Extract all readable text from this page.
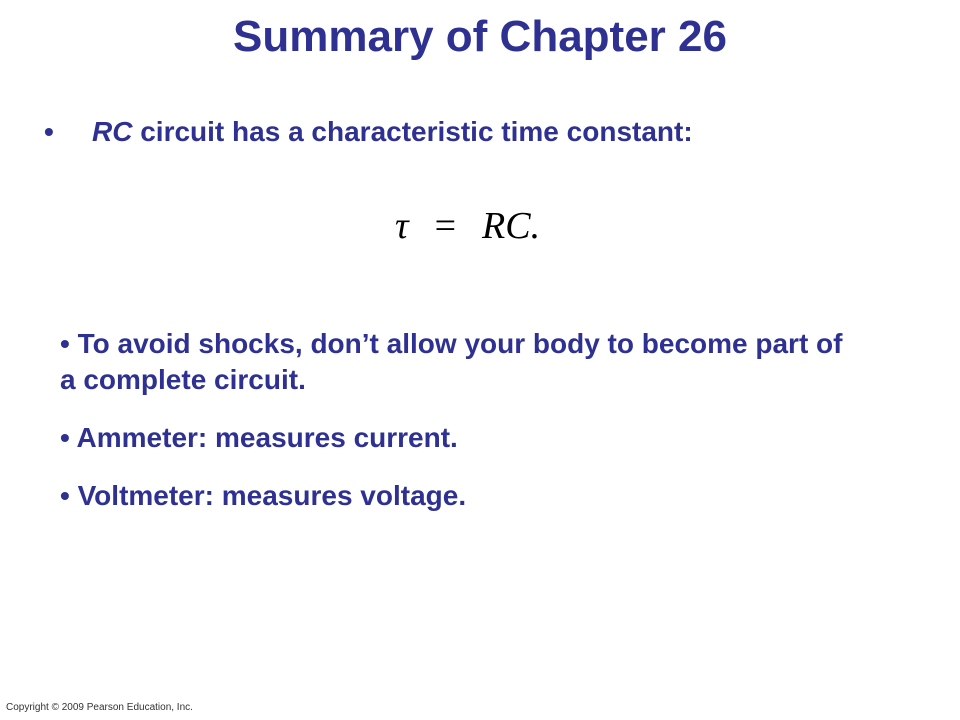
Summary of Chapter 26
• RC circuit has a characteristic time constant:
τ = RC.
• To avoid shocks, don’t allow your body to become part of a complete circuit.
• Ammeter: measures current.
• Voltmeter: measures voltage.
Copyright © 2009 Pearson Education, Inc.
